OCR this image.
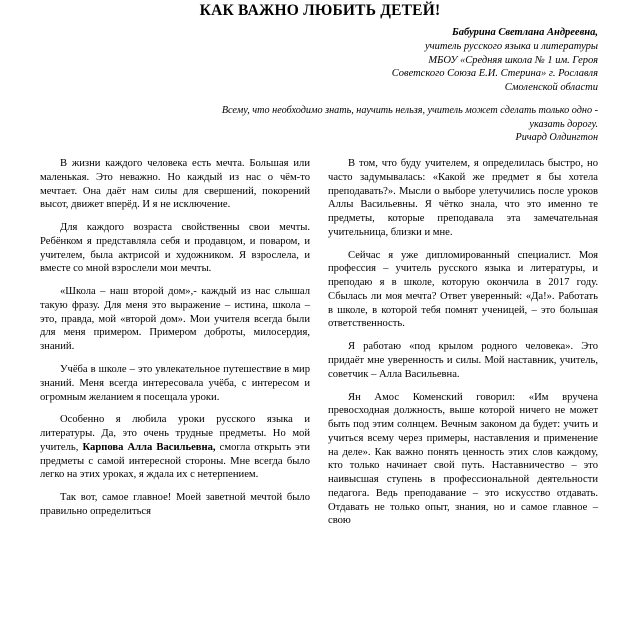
КАК ВАЖНО ЛЮБИТЬ ДЕТЕЙ!
Бабурина Светлана Андреевна,
учитель русского языка и литературы
МБОУ «Средняя школа № 1 им. Героя
Советского Союза Е.И. Стерина» г. Рославля
Смоленской области
Всему, что необходимо знать, научить нельзя, учитель может сделать только одно - указать дорогу.
Ричард Олдингтон

В жизни каждого человека есть мечта. Большая или маленькая. Это неважно. Но каждый из нас о чём-то мечтает. Она даёт нам силы для свершений, покорений высот, движет вперёд. И я не исключение.

Для каждого возраста свойственны свои мечты. Ребёнком я представляла себя и продавцом, и поваром, и учителем, была актрисой и художником. Я взрослела, и вместе со мной взрослели мои мечты.

«Школа – наш второй дом»,- каждый из нас слышал такую фразу. Для меня это выражение – истина, школа – это, правда, мой «второй дом». Мои учителя всегда были для меня примером. Примером доброты, милосердия, знаний.

Учёба в школе – это увлекательное путешествие в мир знаний. Меня всегда интересовала учёба, с интересом и огромным желанием я посещала уроки.

Особенно я любила уроки русского языка и литературы. Да, это очень трудные предметы. Но мой учитель, Карпова Алла Васильевна, смогла открыть эти предметы с самой интересной стороны. Мне всегда было легко на этих уроках, я ждала их с нетерпением.

Так вот, самое главное! Моей заветной мечтой было правильно определиться

В том, что буду учителем, я определилась быстро, но часто задумывалась: «Какой же предмет я бы хотела преподавать?». Мысли о выборе улетучились после уроков Аллы Васильевны. Я чётко знала, что это именно те предметы, которые преподавала эта замечательная учительница, близки и мне.

Сейчас я уже дипломированный специалист. Моя профессия – учитель русского языка и литературы, и преподаю я в школе, которую окончила в 2017 году. Сбылась ли моя мечта? Ответ уверенный: «Да!». Работать в школе, в которой тебя помнят ученицей, – это большая ответственность.

Я работаю «под крылом родного человека». Это придаёт мне уверенность и силы. Мой наставник, учитель, советчик – Алла Васильевна.

Ян Амос Коменский говорил: «Им вручена превосходная должность, выше которой ничего не может быть под этим солнцем. Вечным законом да будет: учить и учиться всему через примеры, наставления и применение на деле». Как важно понять ценность этих слов каждому, кто только начинает свой путь. Наставничество – это наивысшая ступень в профессиональной деятельности педагога. Ведь преподавание – это искусство отдавать. Отдавать не только опыт, знания, но и самое главное – свою
